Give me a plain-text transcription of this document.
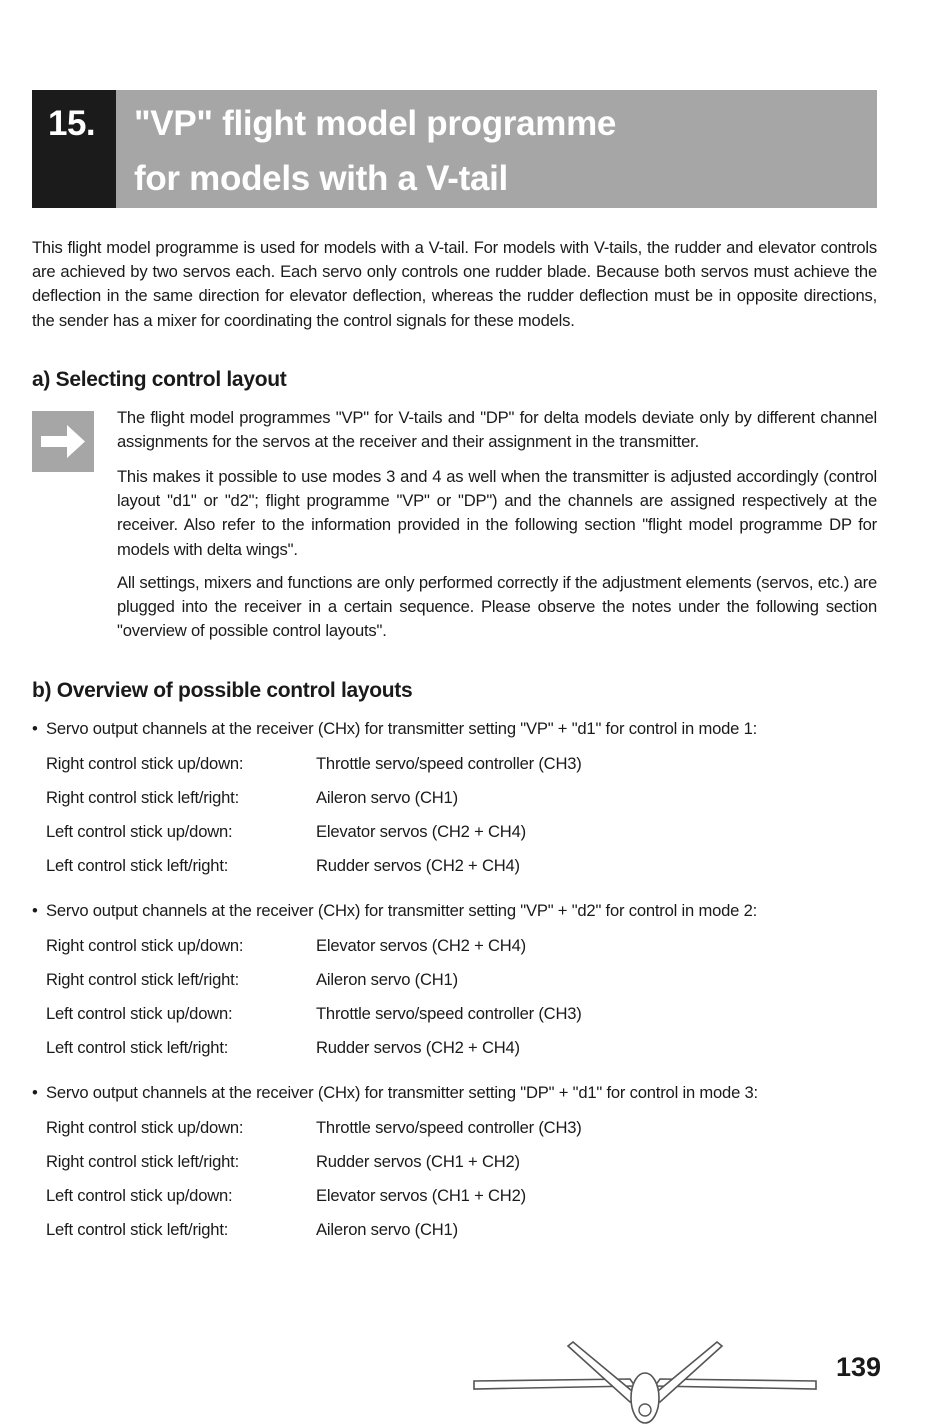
15.	"VP" flight model programme
for models with a V-tail
This flight model programme is used for models with a V-tail. For models with V-tails, the rudder and elevator controls are achieved by two servos each. Each servo only controls one rudder blade. Because both servos must achieve the deflection in the same direction for elevator deflection, whereas the rudder deflection must be in opposite directions, the sender has a mixer for coordinating the control signals for these models.
a) Selecting control layout
The flight model programmes "VP" for V-tails and "DP" for delta models deviate only by different channel assignments for the servos at the receiver and their assignment in the transmitter.
This makes it possible to use modes 3 and 4 as well when the transmitter is adjusted accordingly (control layout "d1" or "d2"; flight programme "VP" or "DP") and the channels are assigned respectively at the receiver. Also refer to the information provided in the following section "flight model programme DP for models with delta wings".
All settings, mixers and functions are only performed correctly if the adjustment elements (servos, etc.) are plugged into the receiver in a certain sequence. Please observe the notes under the following section "overview of possible control layouts".
b) Overview of possible control layouts
• Servo output channels at the receiver (CHx) for transmitter setting "VP" + "d1" for control in mode 1:
Right control stick up/down:	Throttle servo/speed controller (CH3)
Right control stick left/right:	Aileron servo (CH1)
Left control stick up/down:	Elevator servos (CH2 + CH4)
Left control stick left/right:	Rudder servos (CH2 + CH4)
• Servo output channels at the receiver (CHx) for transmitter setting "VP" + "d2" for control in mode 2:
Right control stick up/down:	Elevator servos (CH2 + CH4)
Right control stick left/right:	Aileron servo (CH1)
Left control stick up/down:	Throttle servo/speed controller (CH3)
Left control stick left/right:	Rudder servos (CH2 + CH4)
• Servo output channels at the receiver (CHx) for transmitter setting "DP" + "d1" for control in mode 3:
Right control stick up/down:	Throttle servo/speed controller (CH3)
Right control stick left/right:	Rudder servos (CH1 + CH2)
Left control stick up/down:	Elevator servos (CH1 + CH2)
Left control stick left/right:	Aileron servo (CH1)
139
